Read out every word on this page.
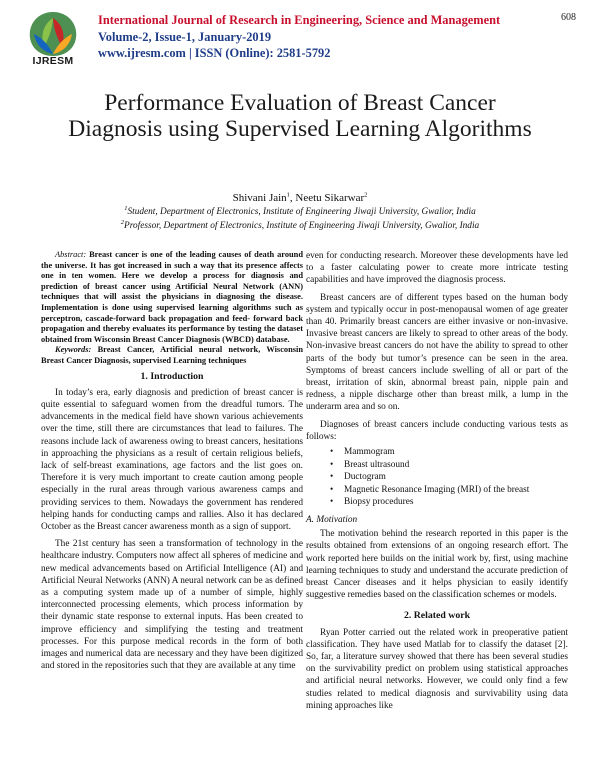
IJRESM
International Journal of Research in Engineering, Science and Management
Volume-2, Issue-1, January-2019
www.ijresm.com | ISSN (Online): 2581-5792
608
Performance Evaluation of Breast Cancer Diagnosis using Supervised Learning Algorithms
Shivani Jain$^1$, Neetu Sikarwar$^2$
$^1$Student, Department of Electronics, Institute of Engineering Jiwaji University, Gwalior, India
$^2$Professor, Department of Electronics, Institute of Engineering Jiwaji University, Gwalior, India

Abstract: Breast cancer is one of the leading causes of death around the universe. It has got increased in such a way that its presence affects one in ten women. Here we develop a process for diagnosis and prediction of breast cancer using Artificial Neural Network (ANN) techniques that will assist the physicians in diagnosing the disease. Implementation is done using supervised learning algorithms such as perceptron, cascade-forward back propagation and feed- forward back propagation and thereby evaluates its performance by testing the dataset obtained from Wisconsin Breast Cancer Diagnosis (WBCD) database.

Keywords: Breast Cancer, Artificial neural network, Wisconsin Breast Cancer Diagnosis, supervised Learning techniques

1. Introduction

In today’s era, early diagnosis and prediction of breast cancer is quite essential to safeguard women from the dreadful tumors. The advancements in the medical field have shown various achievements over the time, still there are circumstances that lead to failures. The reasons include lack of awareness owing to breast cancers, hesitations in approaching the physicians as a result of certain religious beliefs, lack of self-breast examinations, age factors and the list goes on. Therefore it is very much important to create caution among people especially in the rural areas through various awareness camps and providing services to them. Nowadays the government has rendered helping hands for conducting camps and rallies. Also it has declared October as the Breast cancer awareness month as a sign of support.

The 21st century has seen a transformation of technology in the healthcare industry. Computers now affect all spheres of medicine and new medical advancements based on Artificial Intelligence (AI) and Artificial Neural Networks (ANN) A neural network can be as defined as a computing system made up of a number of simple, highly interconnected processing elements, which process information by their dynamic state response to external inputs. Has been created to improve efficiency and simplifying the testing and treatment processes. For this purpose medical records in the form of both images and numerical data are necessary and they have been digitized and stored in the repositories such that they are available at any time

even for conducting research. Moreover these developments have led to a faster calculating power to create more intricate testing capabilities and have improved the diagnosis process.

Breast cancers are of different types based on the human body system and typically occur in post-menopausal women of age greater than 40. Primarily breast cancers are either invasive or non-invasive. Invasive breast cancers are likely to spread to other areas of the body. Non-invasive breast cancers do not have the ability to spread to other parts of the body but tumor’s presence can be seen in the area. Symptoms of breast cancers include swelling of all or part of the breast, irritation of skin, abnormal breast pain, nipple pain and redness, a nipple discharge other than breast milk, a lump in the underarm area and so on.

Diagnoses of breast cancers include conducting various tests as follows:

• Mammogram
• Breast ultrasound
• Ductogram
• Magnetic Resonance Imaging (MRI) of the breast
• Biopsy procedures
A. Motivation

The motivation behind the research reported in this paper is the results obtained from extensions of an ongoing research effort. The work reported here builds on the initial work by, first, using machine learning techniques to study and understand the accurate prediction of breast Cancer diseases and it helps physician to easily identify suggestive remedies based on the classification schemes or models.

2. Related work

Ryan Potter carried out the related work in preoperative patient classification. They have used Matlab for to classify the dataset [2]. So, far, a literature survey showed that there has been several studies on the survivability predict on problem using statistical approaches and artificial neural networks. However, we could only find a few studies related to medical diagnosis and survivability using data mining approaches like
